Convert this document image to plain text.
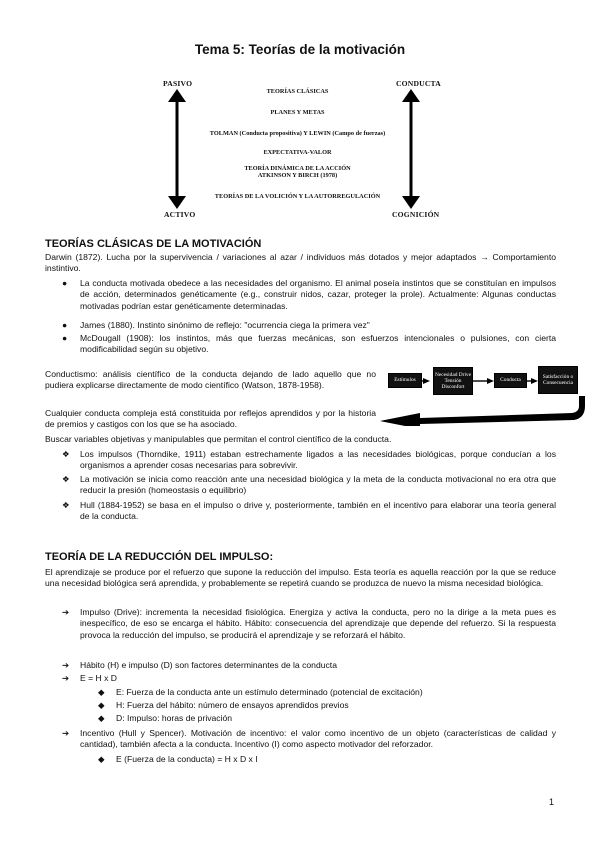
Tema 5: Teorías de la motivación
PASIVO
ACTIVO
CONDUCTA
COGNICIÓN
TEORÍAS CLÁSICAS
PLANES Y METAS
TOLMAN (Conducta propositiva) Y LEWIN (Campo de fuerzas)
EXPECTATIVA-VALOR
TEORÍA DINÁMICA DE LA ACCIÓN
ATKINSON Y BIRCH (1978)
TEORÍAS DE LA VOLICIÓN Y LA AUTORREGULACIÓN
TEORÍAS CLÁSICAS DE LA MOTIVACIÓN
Darwin (1872). Lucha por la supervivencia / variaciones al azar / individuos más dotados y mejor adaptados → Comportamiento instintivo.
● La conducta motivada obedece a las necesidades del organismo. El animal poseía instintos que se constituían en impulsos de acción, determinados genéticamente (e.g., construir nidos, cazar, proteger la prole). Actualmente: Algunas conductas motivadas podrían estar genéticamente determinadas.
● James (1880). Instinto sinónimo de reflejo: "ocurrencia ciega la primera vez"
● McDougall (1908): los instintos, más que fuerzas mecánicas, son esfuerzos intencionales o pulsiones, con cierta modificabilidad según su objetivo.
Conductismo: análisis científico de la conducta dejando de lado aquello que no pudiera explicarse directamente de modo científico (Watson, 1878-1958).
Cualquier conducta compleja está constituida por reflejos aprendidos y por la historia de premios y castigos con los que se ha asociado.
Buscar variables objetivas y manipulables que permitan el control científico de la conducta.
Estímulos
Necesidad Drive Tensión Disconfort
Conducta
Satisfacción o Consecuencia
❖ Los impulsos (Thorndike, 1911) estaban estrechamente ligados a las necesidades biológicas, porque conducían a los organismos a aprender cosas necesarias para sobrevivir.
❖ La motivación se inicia como reacción ante una necesidad biológica y la meta de la conducta motivacional no era otra que reducir la presión (homeostasis o equilibrio)
❖ Hull (1884-1952) se basa en el impulso o drive y, posteriormente, también en el incentivo para elaborar una teoría general de la conducta.
TEORÍA DE LA REDUCCIÓN DEL IMPULSO:
El aprendizaje se produce por el refuerzo que supone la reducción del impulso. Esta teoría es aquella reacción por la que se reduce una necesidad biológica será aprendida, y probablemente se repetirá cuando se produzca de nuevo la misma necesidad biológica.
➔ Impulso (Drive): incrementa la necesidad fisiológica. Energiza y activa la conducta, pero no la dirige a la meta pues es inespecífico, de eso se encarga el hábito. Hábito: consecuencia del aprendizaje que depende del refuerzo. Si la respuesta provoca la reducción del impulso, se producirá el aprendizaje y se reforzará el hábito.
➔ Hábito (H) e impulso (D) son factores determinantes de la conducta
➔ E = H x D
◆ E: Fuerza de la conducta ante un estímulo determinado (potencial de excitación)
◆ H: Fuerza del hábito: número de ensayos aprendidos previos
◆ D: Impulso: horas de privación
➔ Incentivo (Hull y Spencer). Motivación de incentivo: el valor como incentivo de un objeto (características de calidad y cantidad), también afecta a la conducta. Incentivo (I) como aspecto motivador del reforzador.
◆ E (Fuerza de la conducta) = H x D x I
1
